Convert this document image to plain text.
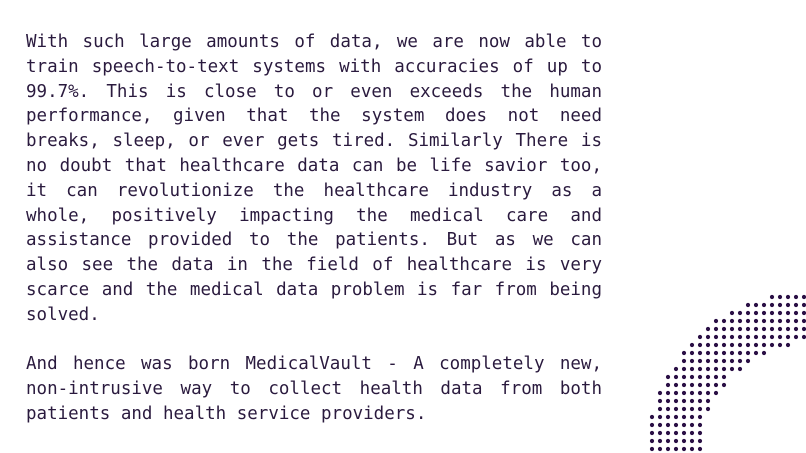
With such large amounts of data, we are now able to train speech-to-text systems with accuracies of up to 99.7%. This is close to or even exceeds the human performance, given that the system does not need breaks, sleep, or ever gets tired. Similarly There is no doubt that healthcare data can be life savior too, it can revolutionize the healthcare industry as a whole, positively impacting the medical care and assistance provided to the patients. But as we can also see the data in the field of healthcare is very scarce and the medical data problem is far from being solved.

And hence was born MedicalVault - A completely new, non-intrusive way to collect health data from both patients and health service providers.
